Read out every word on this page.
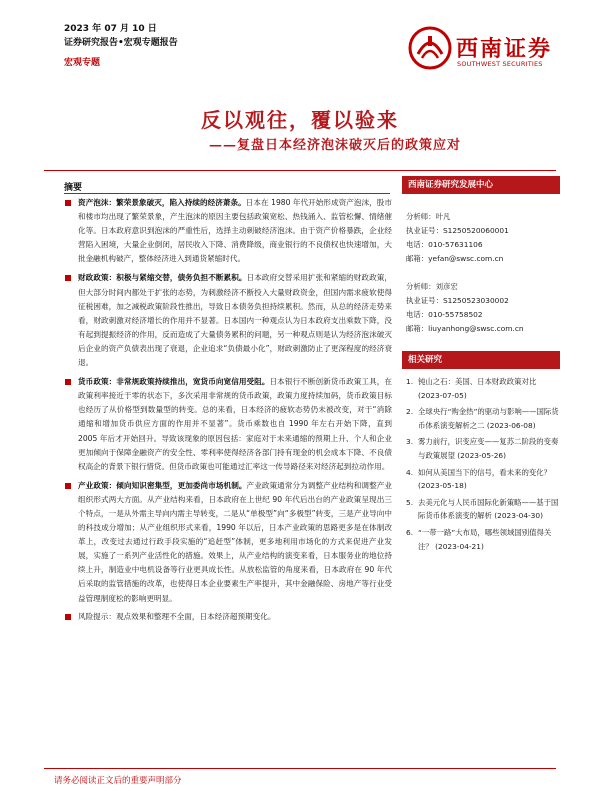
2023 年 07 月 10 日
证券研究报告•宏观专题报告
宏观专题
西南证券
SOUTHWEST SECURITIES
反以观往，覆以验来
——复盘日本经济泡沫破灭后的政策应对
摘要
资产泡沫：繁荣景象破灭，陷入持续的经济萧条。日本在 1980 年代开始形成资产泡沫，股市和楼市均出现了繁荣景象，产生泡沫的原因主要包括政策宽松、热钱涌入、监管松懈、情绪催化等。日本政府意识到泡沫的严重性后，选择主动刺破经济泡沫。由于资产价格暴跌，企业经营陷入困境，大量企业倒闭，居民收入下降、消费降级，商业银行的不良债权也快速增加，大批金融机构破产，整体经济进入到通货紧缩时代。
财政政策：积极与紧缩交替，债务负担不断累积。日本政府交替采用扩张和紧缩的财政政策，但大部分时间内都处于扩张的态势，为刺激经济不断投入大量财政资金，但国内需求疲软使得征税困难，加之减税政策阶段性推出，导致日本债务负担持续累积。然而，从总的经济走势来看，财政刺激对经济增长的作用并不显著。日本国内一种观点认为日本政府支出乘数下降，没有起到提振经济的作用，反而造成了大量债务累积的问题，另一种观点则是认为经济泡沫破灭后企业的资产负债表出现了衰退，企业追求“负债最小化”，财政刺激防止了更深程度的经济衰退。
货币政策：非常规政策持续推出，宽货币向宽信用受阻。日本银行不断创新货币政策工具，在政策利率接近于零的状态下，多次采用非常规的货币政策，政策力度持续加码，货币政策目标也经历了从价格型到数量型的转变。总的来看，日本经济的疲软态势仍未被改变，对于“消除通缩和增加货币供应方面的作用并不显著”。货币乘数也自 1990 年左右开始下降，直到 2005 年后才开始回升。导致该现象的原因包括：家庭对于未来通缩的预期上升、个人和企业更加倾向于保障金融资产的安全性、零利率使得经济各部门持有现金的机会成本下降、不良债权高企的背景下银行惜贷。但货币政策也可能通过汇率这一传导路径来对经济起到拉动作用。
产业政策：倾向知识密集型，更加委尚市场机制。产业政策通常分为调整产业结构和调整产业组织形式两大方面。从产业结构来看，日本政府在上世纪 90 年代后出台的产业政策呈现出三个特点，一是从外需主导向内需主导转变，二是从“单极型”向“多极型”转变，三是产业导向中的科技成分增加；从产业组织形式来看，1990 年以后，日本产业政策的思路更多是在体制改革上，改变过去通过行政手段实施的“追赶型”体制，更多地利用市场化的方式来促进产业发展，实施了一系列产业活性化的措施。效果上，从产业结构的演变来看，日本服务业的地位持续上升，制造业中电机设备等行业更具成长性。从放松监管的角度来看，日本政府在 90 年代后采取的监管措施的改革，也使得日本企业要素生产率提升，其中金融保险、房地产等行业受益管理制度松的影响更明显。
风险提示：观点效果和整理不全面，日本经济超预期变化。
西南证券研究发展中心
分析师：叶凡
执业证号：S1250520060001
电话：010-57631106
邮箱：yefan@swsc.com.cn
分析师：刘彦宏
执业证号：S1250523030002
电话：010-55758502
邮箱：liuyanhong@swsc.com.cn
相关研究
1. 钝山之石：美国、日本财政政策对比 (2023-07-05)
2. 全球央行“购金热”的驱动与影响——国际货币体系演变解析之二 (2023-06-08)
3. 雾力前行，识变应变——复苏二阶段的变奏与政策展望 (2023-05-26)
4. 如何从美国当下的信号，看未来的变化？ (2023-05-18)
5. 去美元化与人民币国际化新策略——基于国际货币体系演变的解析 (2023-04-30)
6. “一带一路”大布局，哪些领域国别值得关注？ (2023-04-21)
请务必阅读正文后的重要声明部分
